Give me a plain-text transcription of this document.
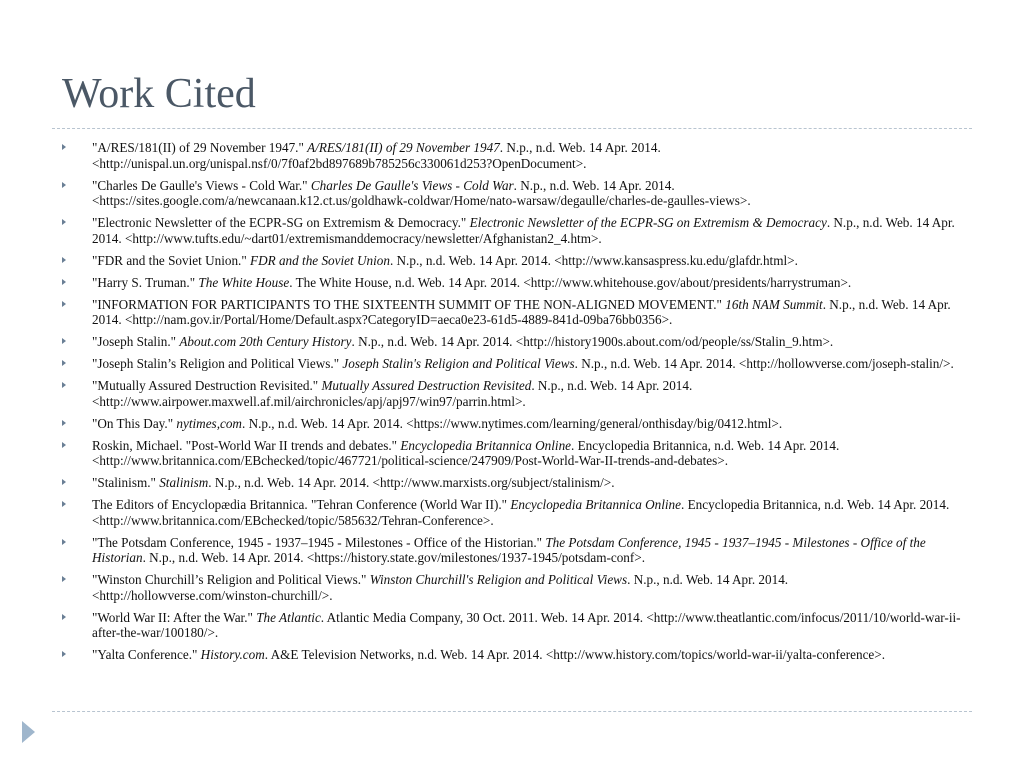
Work Cited
"A/RES/181(II) of 29 November 1947." A/RES/181(II) of 29 November 1947. N.p., n.d. Web. 14 Apr. 2014. <http://unispal.un.org/unispal.nsf/0/7f0af2bd897689b785256c330061d253?OpenDocument>.
"Charles De Gaulle's Views - Cold War." Charles De Gaulle's Views - Cold War. N.p., n.d. Web. 14 Apr. 2014. <https://sites.google.com/a/newcanaan.k12.ct.us/goldhawk-coldwar/Home/nato-warsaw/degaulle/charles-de-gaulles-views>.
"Electronic Newsletter of the ECPR-SG on Extremism & Democracy." Electronic Newsletter of the ECPR-SG on Extremism & Democracy. N.p., n.d. Web. 14 Apr. 2014. <http://www.tufts.edu/~dart01/extremismanddemocracy/newsletter/Afghanistan2_4.htm>.
"FDR and the Soviet Union." FDR and the Soviet Union. N.p., n.d. Web. 14 Apr. 2014. <http://www.kansaspress.ku.edu/glafdr.html>.
"Harry S. Truman." The White House. The White House, n.d. Web. 14 Apr. 2014. <http://www.whitehouse.gov/about/presidents/harrystruman>.
"INFORMATION FOR PARTICIPANTS TO THE SIXTEENTH SUMMIT OF THE NON-ALIGNED MOVEMENT." 16th NAM Summit. N.p., n.d. Web. 14 Apr. 2014. <http://nam.gov.ir/Portal/Home/Default.aspx?CategoryID=aeca0e23-61d5-4889-841d-09ba76bb0356>.
"Joseph Stalin." About.com 20th Century History. N.p., n.d. Web. 14 Apr. 2014. <http://history1900s.about.com/od/people/ss/Stalin_9.htm>.
"Joseph Stalin’s Religion and Political Views." Joseph Stalin's Religion and Political Views. N.p., n.d. Web. 14 Apr. 2014. <http://hollowverse.com/joseph-stalin/>.
"Mutually Assured Destruction Revisited." Mutually Assured Destruction Revisited. N.p., n.d. Web. 14 Apr. 2014. <http://www.airpower.maxwell.af.mil/airchronicles/apj/apj97/win97/parrin.html>.
"On This Day." nytimes,com. N.p., n.d. Web. 14 Apr. 2014. <https://www.nytimes.com/learning/general/onthisday/big/0412.html>.
Roskin, Michael. "Post-World War II trends and debates." Encyclopedia Britannica Online. Encyclopedia Britannica, n.d. Web. 14 Apr. 2014. <http://www.britannica.com/EBchecked/topic/467721/political-science/247909/Post-World-War-II-trends-and-debates>.
"Stalinism." Stalinism. N.p., n.d. Web. 14 Apr. 2014. <http://www.marxists.org/subject/stalinism/>.
The Editors of Encyclopædia Britannica. "Tehran Conference (World War II)." Encyclopedia Britannica Online. Encyclopedia Britannica, n.d. Web. 14 Apr. 2014. <http://www.britannica.com/EBchecked/topic/585632/Tehran-Conference>.
"The Potsdam Conference, 1945 - 1937–1945 - Milestones - Office of the Historian." The Potsdam Conference, 1945 - 1937–1945 - Milestones - Office of the Historian. N.p., n.d. Web. 14 Apr. 2014. <https://history.state.gov/milestones/1937-1945/potsdam-conf>.
"Winston Churchill’s Religion and Political Views." Winston Churchill's Religion and Political Views. N.p., n.d. Web. 14 Apr. 2014. <http://hollowverse.com/winston-churchill/>.
"World War II: After the War." The Atlantic. Atlantic Media Company, 30 Oct. 2011. Web. 14 Apr. 2014. <http://www.theatlantic.com/infocus/2011/10/world-war-ii-after-the-war/100180/>.
"Yalta Conference." History.com. A&E Television Networks, n.d. Web. 14 Apr. 2014. <http://www.history.com/topics/world-war-ii/yalta-conference>.
